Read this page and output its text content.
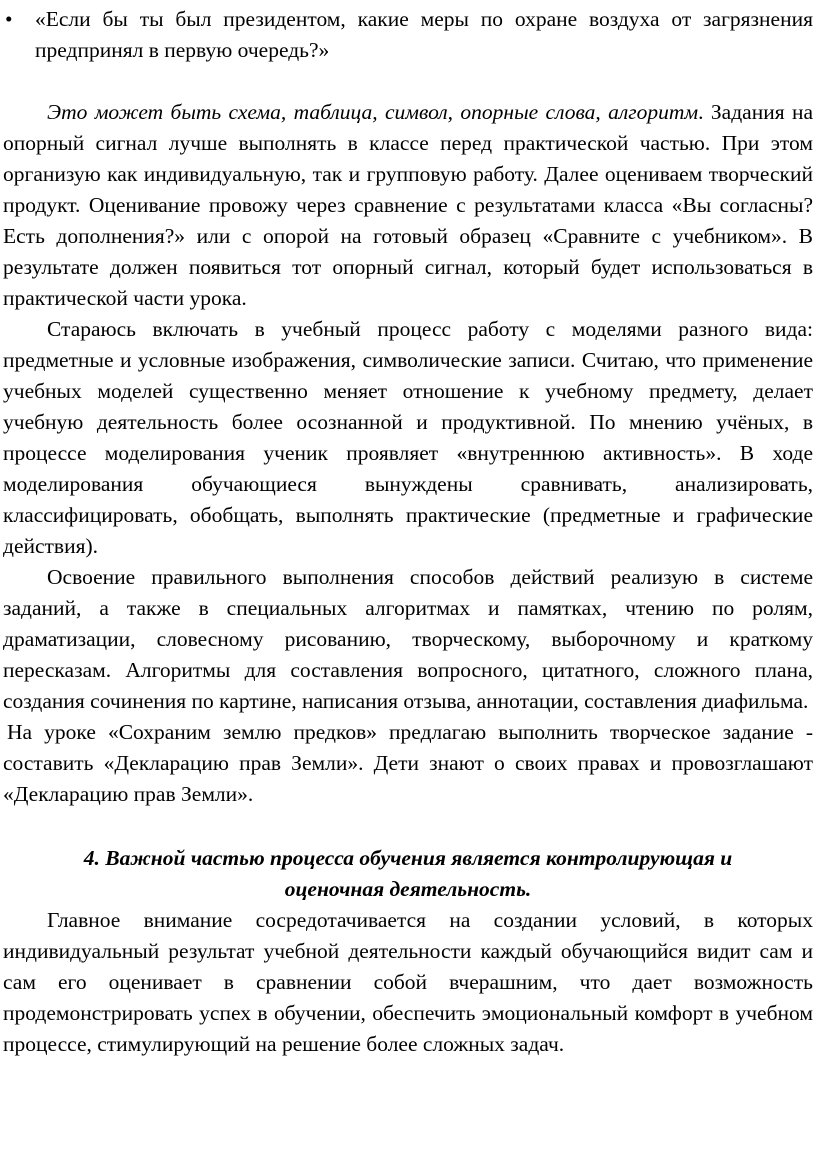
•	«Если бы ты был президентом, какие меры по охране воздуха от загрязнения предпринял в первую очередь?»

Это может быть схема, таблица, символ, опорные слова, алгоритм. Задания на опорный сигнал лучше выполнять в классе перед практической частью. При этом организую как индивидуальную, так и групповую работу. Далее оцениваем творческий продукт. Оценивание провожу через сравнение с результатами класса «Вы согласны? Есть дополнения?» или с опорой на готовый образец «Сравните с учебником». В результате должен появиться тот опорный сигнал, который будет использоваться в практической части урока.

Стараюсь включать в учебный процесс работу с моделями разного вида: предметные и условные изображения, символические записи. Считаю, что применение учебных моделей существенно меняет отношение к учебному предмету, делает учебную деятельность более осознанной и продуктивной. По мнению учёных, в процессе моделирования ученик проявляет «внутреннюю активность». В ходе моделирования обучающиеся вынуждены сравнивать, анализировать, классифицировать, обобщать, выполнять практические (предметные и графические действия).

Освоение правильного выполнения способов действий реализую в системе заданий, а также в специальных алгоритмах и памятках, чтению по ролям, драматизации, словесному рисованию, творческому, выборочному и краткому пересказам. Алгоритмы для составления вопросного, цитатного, сложного плана, создания сочинения по картине, написания отзыва, аннотации, составления диафильма.

На уроке «Сохраним землю предков» предлагаю выполнить творческое задание - составить «Декларацию прав Земли». Дети знают о своих правах и провозглашают «Декларацию прав Земли».

4. Важной частью процесса обучения является контролирующая и оценочная деятельность.

Главное внимание сосредотачивается на создании условий, в которых индивидуальный результат учебной деятельности каждый обучающийся видит сам и сам его оценивает в сравнении собой вчерашним, что дает возможность продемонстрировать успех в обучении, обеспечить эмоциональный комфорт в учебном процессе, стимулирующий на решение более сложных задач.
